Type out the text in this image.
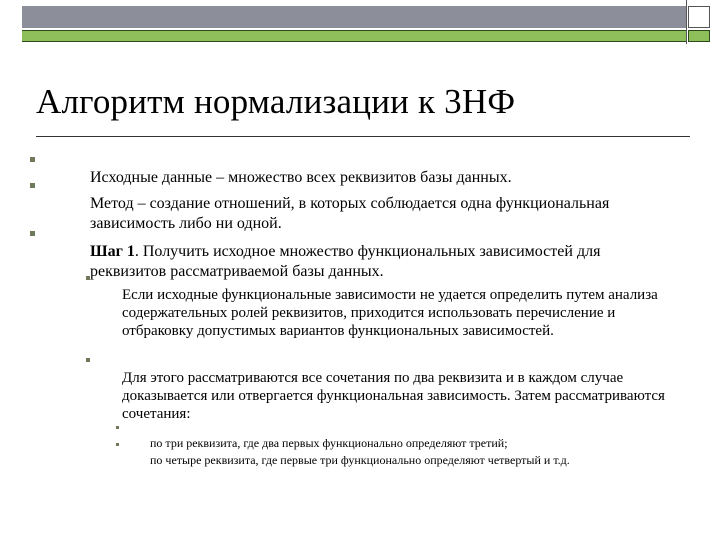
Алгоритм нормализации к 3НФ

Исходные данные – множество всех реквизитов базы данных.

Метод – создание отношений, в которых соблюдается одна функциональная зависимость либо ни одной.

Шаг 1. Получить исходное множество функциональных зависимостей для реквизитов рассматриваемой базы данных.

Если исходные функциональные зависимости не удается определить путем анализа содержательных ролей реквизитов, приходится использовать перечисление и отбраковку допустимых вариантов функциональных зависимостей.

Для этого рассматриваются все сочетания по два реквизита и в каждом случае доказывается или отвергается функциональная зависимость. Затем рассматриваются сочетания:

по три реквизита, где два первых функционально определяют третий;

по четыре реквизита, где первые три функционально определяют четвертый и т.д.
